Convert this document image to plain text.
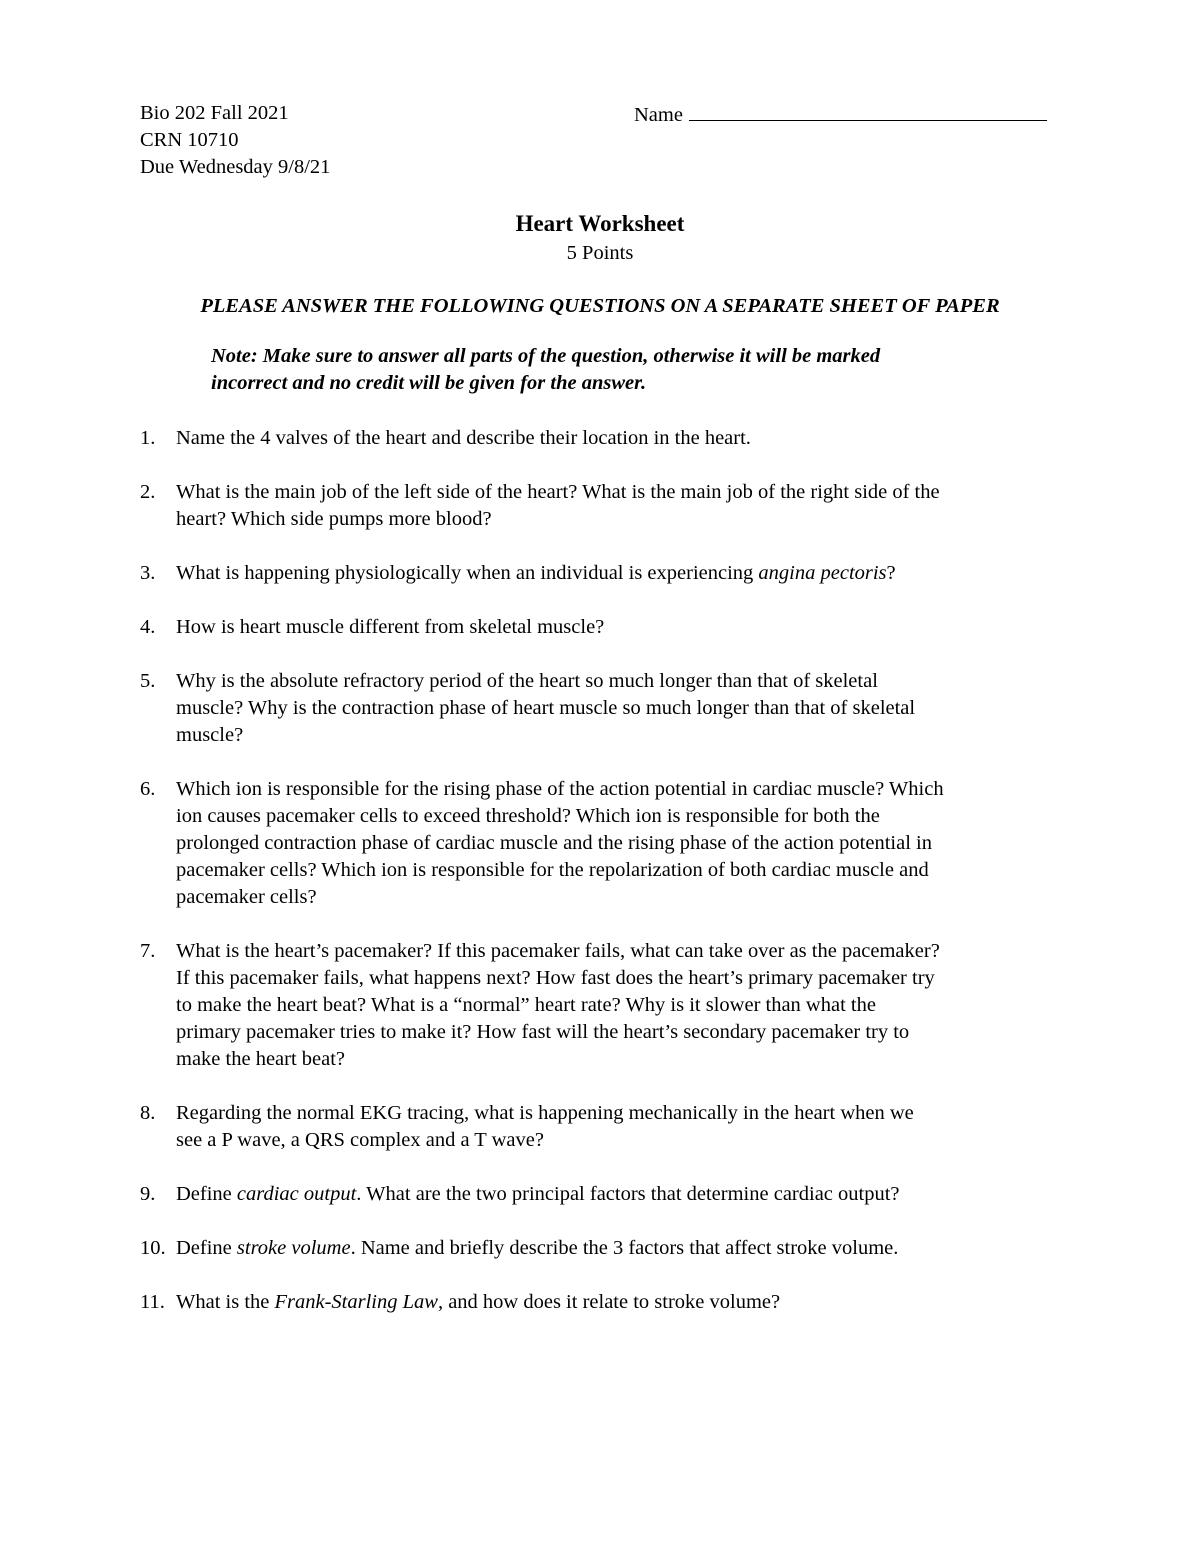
Bio 202 Fall 2021
CRN 10710
Due Wednesday 9/8/21
Name
Heart Worksheet
5 Points
PLEASE ANSWER THE FOLLOWING QUESTIONS ON A SEPARATE SHEET OF PAPER
Note: Make sure to answer all parts of the question, otherwise it will be marked
incorrect and no credit will be given for the answer.
1.	Name the 4 valves of the heart and describe their location in the heart.
2.	What is the main job of the left side of the heart? What is the main job of the right side of the
heart? Which side pumps more blood?
3.	What is happening physiologically when an individual is experiencing angina pectoris?
4.	How is heart muscle different from skeletal muscle?
5.	Why is the absolute refractory period of the heart so much longer than that of skeletal
muscle? Why is the contraction phase of heart muscle so much longer than that of skeletal
muscle?
6.	Which ion is responsible for the rising phase of the action potential in cardiac muscle? Which
ion causes pacemaker cells to exceed threshold? Which ion is responsible for both the
prolonged contraction phase of cardiac muscle and the rising phase of the action potential in
pacemaker cells? Which ion is responsible for the repolarization of both cardiac muscle and
pacemaker cells?
7.	What is the heart’s pacemaker? If this pacemaker fails, what can take over as the pacemaker?
If this pacemaker fails, what happens next? How fast does the heart’s primary pacemaker try
to make the heart beat? What is a “normal” heart rate? Why is it slower than what the
primary pacemaker tries to make it? How fast will the heart’s secondary pacemaker try to
make the heart beat?
8.	Regarding the normal EKG tracing, what is happening mechanically in the heart when we
see a P wave, a QRS complex and a T wave?
9.	Define cardiac output. What are the two principal factors that determine cardiac output?
10. Define stroke volume. Name and briefly describe the 3 factors that affect stroke volume.
11. What is the Frank-Starling Law, and how does it relate to stroke volume?
